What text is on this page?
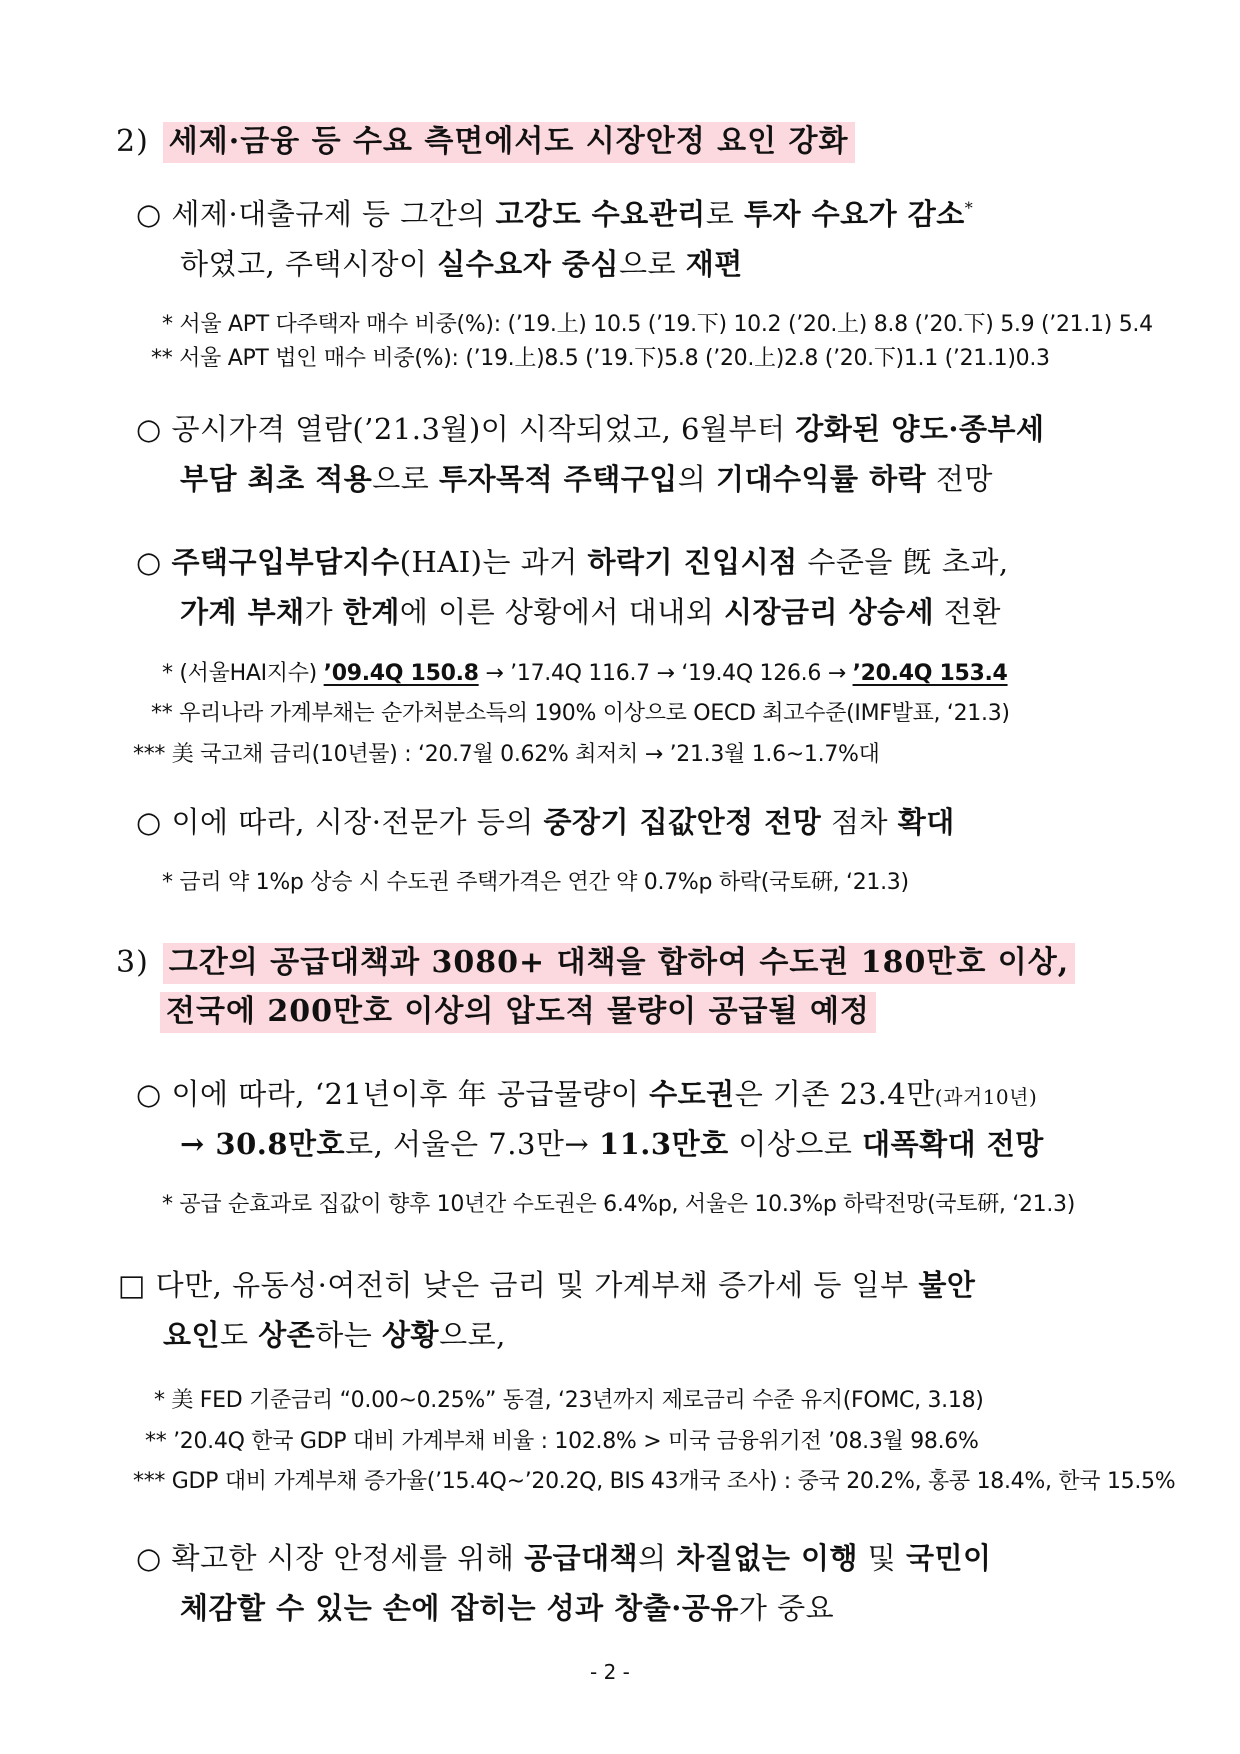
2) 세제·금융 등 수요 측면에서도 시장안정 요인 강화
○ 세제·대출규제 등 그간의 고강도 수요관리로 투자 수요가 감소*
하였고, 주택시장이 실수요자 중심으로 재편
* 서울 APT 다주택자 매수 비중(%): (’19.上) 10.5 (’19.下) 10.2 (’20.上) 8.8 (’20.下) 5.9 (’21.1) 5.4
** 서울 APT 법인 매수 비중(%): (’19.上)8.5 (’19.下)5.8 (’20.上)2.8 (’20.下)1.1 (’21.1)0.3
○ 공시가격 열람(’21.3월)이 시작되었고, 6월부터 강화된 양도·종부세
부담 최초 적용으로 투자목적 주택구입의 기대수익률 하락 전망
○ 주택구입부담지수(HAI)는 과거 하락기 진입시점 수준을 旣 초과,
가계 부채가 한계에 이른 상황에서 대내외 시장금리 상승세 전환
* (서울HAI지수) ’09.4Q 150.8 → ’17.4Q 116.7 → ‘19.4Q 126.6 → ’20.4Q 153.4
** 우리나라 가계부채는 순가처분소득의 190% 이상으로 OECD 최고수준(IMF발표, ‘21.3)
*** 美 국고채 금리(10년물) : ‘20.7월 0.62% 최저치 → ’21.3월 1.6~1.7%대
○ 이에 따라, 시장·전문가 등의 중장기 집값안정 전망 점차 확대
* 금리 약 1%p 상승 시 수도권 주택가격은 연간 약 0.7%p 하락(국토硏, ‘21.3)
3) 그간의 공급대책과 3080+ 대책을 합하여 수도권 180만호 이상,
전국에 200만호 이상의 압도적 물량이 공급될 예정
○ 이에 따라, ‘21년이후 年 공급물량이 수도권은 기존 23.4만(과거10년)
→ 30.8만호로, 서울은 7.3만→ 11.3만호 이상으로 대폭확대 전망
* 공급 순효과로 집값이 향후 10년간 수도권은 6.4%p, 서울은 10.3%p 하락전망(국토硏, ‘21.3)
□ 다만, 유동성·여전히 낮은 금리 및 가계부채 증가세 등 일부 불안
요인도 상존하는 상황으로,
* 美 FED 기준금리 “0.00~0.25%” 동결, ‘23년까지 제로금리 수준 유지(FOMC, 3.18)
** ’20.4Q 한국 GDP 대비 가계부채 비율 : 102.8% > 미국 금융위기전 ’08.3월 98.6%
*** GDP 대비 가계부채 증가율(’15.4Q~’20.2Q, BIS 43개국 조사) : 중국 20.2%, 홍콩 18.4%, 한국 15.5%
○ 확고한 시장 안정세를 위해 공급대책의 차질없는 이행 및 국민이
체감할 수 있는 손에 잡히는 성과 창출·공유가 중요
- 2 -
